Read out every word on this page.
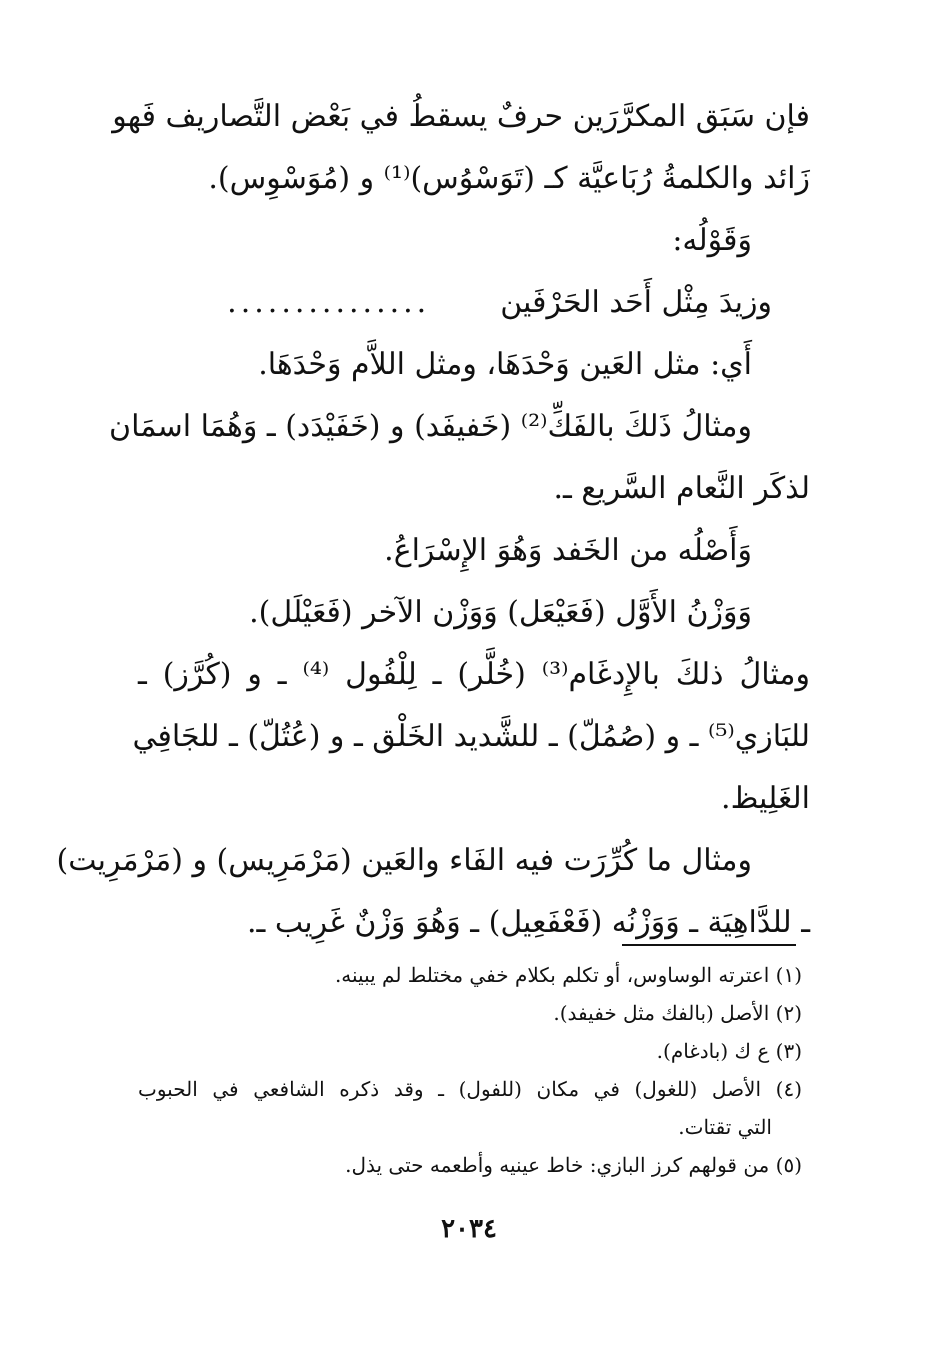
فإن سَبَق المكرَّرَين حرفٌ يسقطُ في بَعْض التَّصاريف فَهو
زَائد والكلمةُ رُبَاعيَّة كـ (تَوَسْوُس)⁽¹⁾ و (مُوَسْوِس).
وَقَوْلُه:
وزيدَ مِثْل أَحَد الحَرْفَين
...............
أَي: مثل العَين وَحْدَهَا، ومثل اللاَّم وَحْدَهَا.
ومثالُ ذَلكَ بالفَكِّ⁽²⁾ (خَفيفَد) و (خَفَيْدَد) ـ وَهُمَا اسمَان
لذكَر النَّعام السَّريع ـ.
وَأَصْلُه من الخَفد وَهُوَ الإِسْرَاعُ.
وَوَزْنُ الأَوَّل (فَعَيْعَل) وَوَزْن الآخر (فَعَيْلَل).
ومثالُ ذلكَ بالإِدغَام⁽³⁾ (خُلَّر) ـ لِلْفُول ⁽⁴⁾ ـ و (كُرَّز) ـ
للبَازي⁽⁵⁾ ـ و (صُمُلّ) ـ للشَّديد الخَلْق ـ و (عُتُلّ) ـ للجَافِي
الغَلِيظ.
ومثال ما كُرِّرَت فيه الفَاء والعَين (مَرْمَرِيس) و (مَرْمَرِيت)
ـ للدَّاهِيَة ـ وَوَزْنُه (فَعْفَعِيل) ـ وَهُوَ وَزْنٌ غَرِيب ـ.
(١) اعترته الوساوس، أو تكلم بكلام خفي مختلط لم يبينه.
(٢) الأصل (بالفك مثل خفيفد).
(٣) ع ك (بادغام).
(٤) الأصل (للغول) في مكان (للفول) ـ وقد ذكره الشافعي في الحبوب
التي تقتات.
(٥) من قولهم كرز البازي: خاط عينيه وأطعمه حتى يذل.
٢٠٣٤
